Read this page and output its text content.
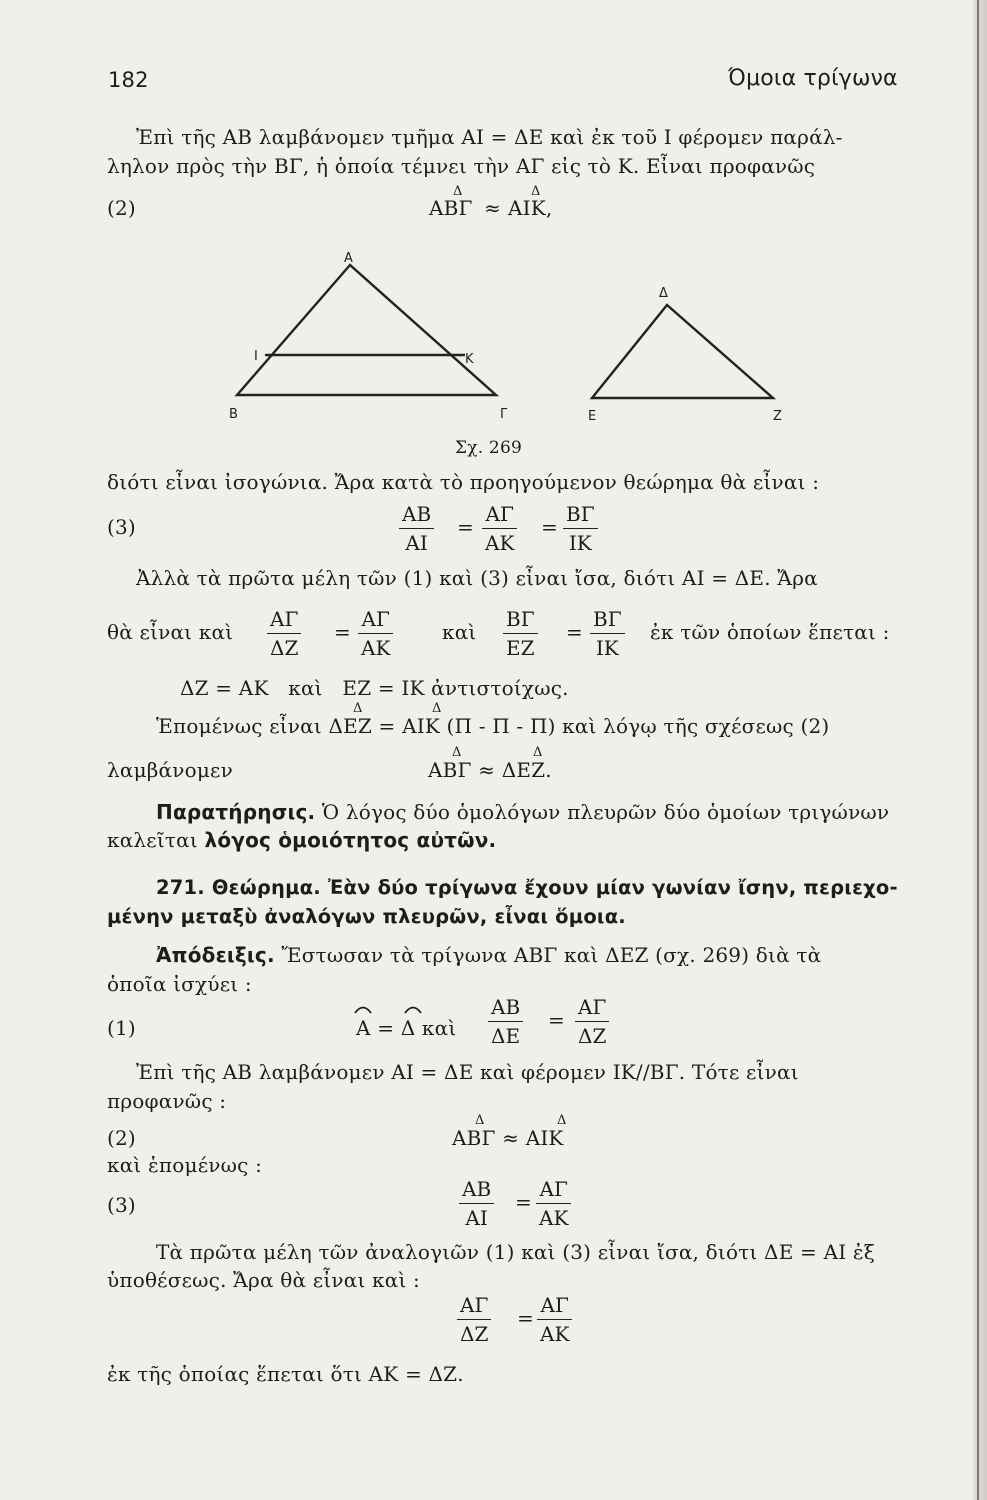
182	Όμοια τρίγωνα
Ἐπὶ τῆς ΑΒ λαμβάνομεν τμῆμα ΑΙ = ΔΕ καὶ ἐκ τοῦ Ι φέρομεν παράλ-
ληλον πρὸς τὴν ΒΓ, ἡ ὁποία τέμνει τὴν ΑΓ εἰς τὸ Κ. Εἶναι προφανῶς
(2)
Δ	Δ
ΑΒΓ ≈ ΑΙΚ,
Α
Ι	Κ
Β	Γ
Δ
Ε	Ζ
Σχ. 269
διότι εἶναι ἰσογώνια. Ἄρα κατὰ τὸ προηγούμενον θεώρημα θὰ εἶναι :
(3)
ΑΒ
ΑΙ
=
ΑΓ
ΑΚ
=
ΒΓ
ΙΚ
Ἀλλὰ τὰ πρῶτα μέλη τῶν (1) καὶ (3) εἶναι ἴσα, διότι ΑΙ = ΔΕ. Ἄρα
θὰ εἶναι καὶ
ΑΓ
ΔΖ
=
ΑΓ
ΑΚ
καὶ
ΒΓ
ΕΖ
=
ΒΓ
ΙΚ
ἐκ τῶν ὁποίων ἕπεται :
ΔΖ = ΑΚ   καὶ   ΕΖ = ΙΚ ἀντιστοίχως.
Δ	Δ
Ἑπομένως εἶναι ΔΕΖ = ΑΙΚ (Π - Π - Π) καὶ λόγῳ τῆς σχέσεως (2)
Δ	Δ
λαμβάνομεν	ΑΒΓ ≈ ΔΕΖ.
Παρατήρησις. Ὁ λόγος δύο ὁμολόγων πλευρῶν δύο ὁμοίων τριγώνων
καλεῖται λόγος ὁμοιότητος αὐτῶν.
271. Θεώρημα. Ἐὰν δύο τρίγωνα ἔχουν μίαν γωνίαν ἴσην, περιεχο-
μένην μεταξὺ ἀναλόγων πλευρῶν, εἶναι ὅμοια.
Ἀπόδειξις. Ἔστωσαν τὰ τρίγωνα ΑΒΓ καὶ ΔΕΖ (σχ. 269) διὰ τὰ
ὁποῖα ἰσχύει :
(1)	Α = Δ καὶ
ΑΒ
ΔΕ
=
ΑΓ
ΔΖ
Ἐπὶ τῆς ΑΒ λαμβάνομεν ΑΙ = ΔΕ καὶ φέρομεν ΙΚ//ΒΓ. Τότε εἶναι
προφανῶς :
(2)
Δ	Δ
ΑΒΓ ≈ ΑΙΚ
καὶ ἑπομένως :
(3)
ΑΒ
ΑΙ
=
ΑΓ
ΑΚ
Τὰ πρῶτα μέλη τῶν ἀναλογιῶν (1) καὶ (3) εἶναι ἴσα, διότι ΔΕ = ΑΙ ἐξ
ὑποθέσεως. Ἄρα θὰ εἶναι καὶ :
ΑΓ
ΔΖ
=
ΑΓ
ΑΚ
ἐκ τῆς ὁποίας ἕπεται ὅτι ΑΚ = ΔΖ.
